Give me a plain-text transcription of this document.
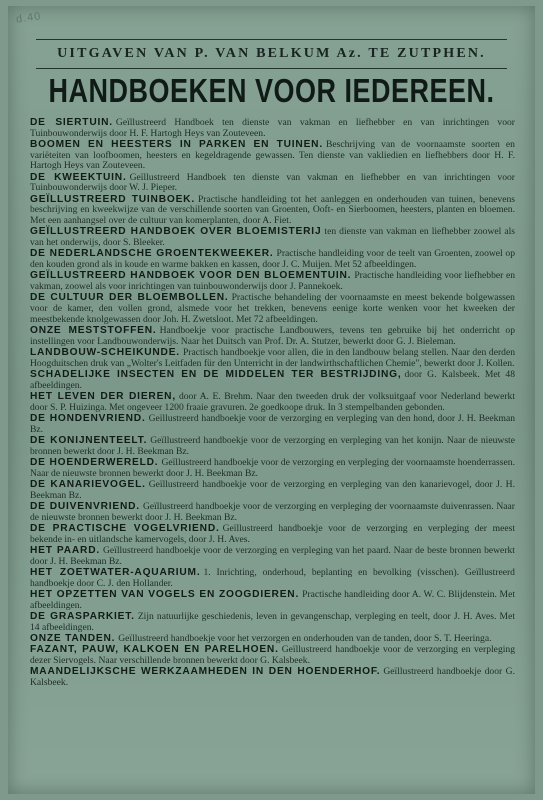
d.40
UITGAVEN VAN P. VAN BELKUM Az. TE ZUTPHEN.
HANDBOEKEN VOOR IEDEREEN.
DE SIERTUIN. Geïllustreerd Handboek ten dienste van vakman en liefhebber en van inrichtingen voor Tuinbouwonderwijs door H. F. Hartogh Heys van Zouteveen.
BOOMEN EN HEESTERS IN PARKEN EN TUINEN. Beschrijving van de voornaamste soorten en variëteiten van loofboomen, heesters en kegeldragende gewassen. Ten dienste van vakliedien en liefhebbers door H. F. Hartogh Heys van Zouteveen.
DE KWEEKTUIN. Geïllustreerd Handboek ten dienste van vakman en liefhebber en van inrichtingen voor Tuinbouwonderwijs door W. J. Pieper.
GEÏLLUSTREERD TUINBOEK. Practische handleiding tot het aanleggen en onderhouden van tuinen, benevens beschrijving en kweekwijze van de verschillende soorten van Groenten, Ooft- en Sierboomen, heesters, planten en bloemen. Met een aanhangsel over de cultuur van komerplanten, door A. Fiet.
GEÏLLUSTREERD HANDBOEK OVER BLOEMISTERIJ ten dienste van vakman en liefhebber zoowel als van het onderwijs, door S. Bleeker.
DE NEDERLANDSCHE GROENTEKWEEKER. Practische handleiding voor de teelt van Groenten, zoowel op den kouden grond als in koude en warme bakken en kassen, door J. C. Muijen. Met 52 afbeeldingen.
GEÏLLUSTREERD HANDBOEK VOOR DEN BLOEMENTUIN. Practische handleiding voor liefhebber en vakman, zoowel als voor inrichtingen van tuinbouwonderwijs door J. Pannekoek.
DE CULTUUR DER BLOEMBOLLEN. Practische behandeling der voornaamste en meest bekende bolgewassen voor de kamer, den vollen grond, alsmede voor het trekken, benevens eenige korte wenken voor het kweeken der meestbekende knolgewassen door Joh. H. Zwetsloot. Met 72 afbeeldingen.
ONZE MESTSTOFFEN. Handboekje voor practische Landbouwers, tevens ten gebruike bij het onderricht op instellingen voor Landbouwonderwijs. Naar het Duitsch van Prof. Dr. A. Stutzer, bewerkt door G. J. Bieleman.
LANDBOUW-SCHEIKUNDE. Practisch handboekje voor allen, die in den landbouw belang stellen. Naar den derden Hoogduitschen druk van „Wolter's Leitfaden für den Unterricht in der landwirthschaftlichen Chemie", bewerkt door J. Kollen.
SCHADELIJKE INSECTEN EN DE MIDDELEN TER BESTRIJDING, door G. Kalsbeek. Met 48 afbeeldingen.
HET LEVEN DER DIEREN, door A. E. Brehm. Naar den tweeden druk der volksuitgaaf voor Nederland bewerkt door S. P. Huizinga. Met ongeveer 1200 fraaie gravuren. 2e goedkoope druk. In 3 stempelbanden gebonden.
DE HONDENVRIEND. Geïllustreerd handboekje voor de verzorging en verpleging van den hond, door J. H. Beekman Bz.
DE KONIJNENTEELT. Geïllustreerd handboekje voor de verzorging en verpleging van het konijn. Naar de nieuwste bronnen bewerkt door J. H. Beekman Bz.
DE HOENDERWERELD. Geïllustreerd handboekje voor de verzorging en verpleging der voornaamste hoenderrassen. Naar de nieuwste bronnen bewerkt door J. H. Beekman Bz.
DE KANARIEVOGEL. Geïllustreerd handboekje voor de verzorging en verpleging van den kanarievogel, door J. H. Beekman Bz.
DE DUIVENVRIEND. Geïllustreerd handboekje voor de verzorging en verpleging der voornaamste duivenrassen. Naar de nieuwste bronnen bewerkt door J. H. Beekman Bz.
DE PRACTISCHE VOGELVRIEND. Geïllustreerd handboekje voor de verzorging en verpleging der meest bekende in- en uitlandsche kamervogels, door J. H. Aves.
HET PAARD. Geïllustreerd handboekje voor de verzorging en verpleging van het paard. Naar de beste bronnen bewerkt door J. H. Beekman Bz.
HET ZOETWATER-AQUARIUM. 1. Inrichting, onderhoud, beplanting en bevolking (visschen). Geïllustreerd handboekje door C. J. den Hollander.
HET OPZETTEN VAN VOGELS EN ZOOGDIEREN. Practische handleiding door A. W. C. Blijdenstein. Met afbeeldingen.
DE GRASPARKIET. Zijn natuurlijke geschiedenis, leven in gevangenschap, verpleging en teelt, door J. H. Aves. Met 14 afbeeldingen.
ONZE TANDEN. Geïllustreerd handboekje voor het verzorgen en onderhouden van de tanden, door S. T. Heeringa.
FAZANT, PAUW, KALKOEN EN PARELHOEN. Geïllustreerd handboekje voor de verzorging en verpleging dezer Siervogels. Naar verschillende bronnen bewerkt door G. Kalsbeek.
MAANDELIJKSCHE WERKZAAMHEDEN IN DEN HOENDERHOF. Geïllustreerd handboekje door G. Kalsbeek.
